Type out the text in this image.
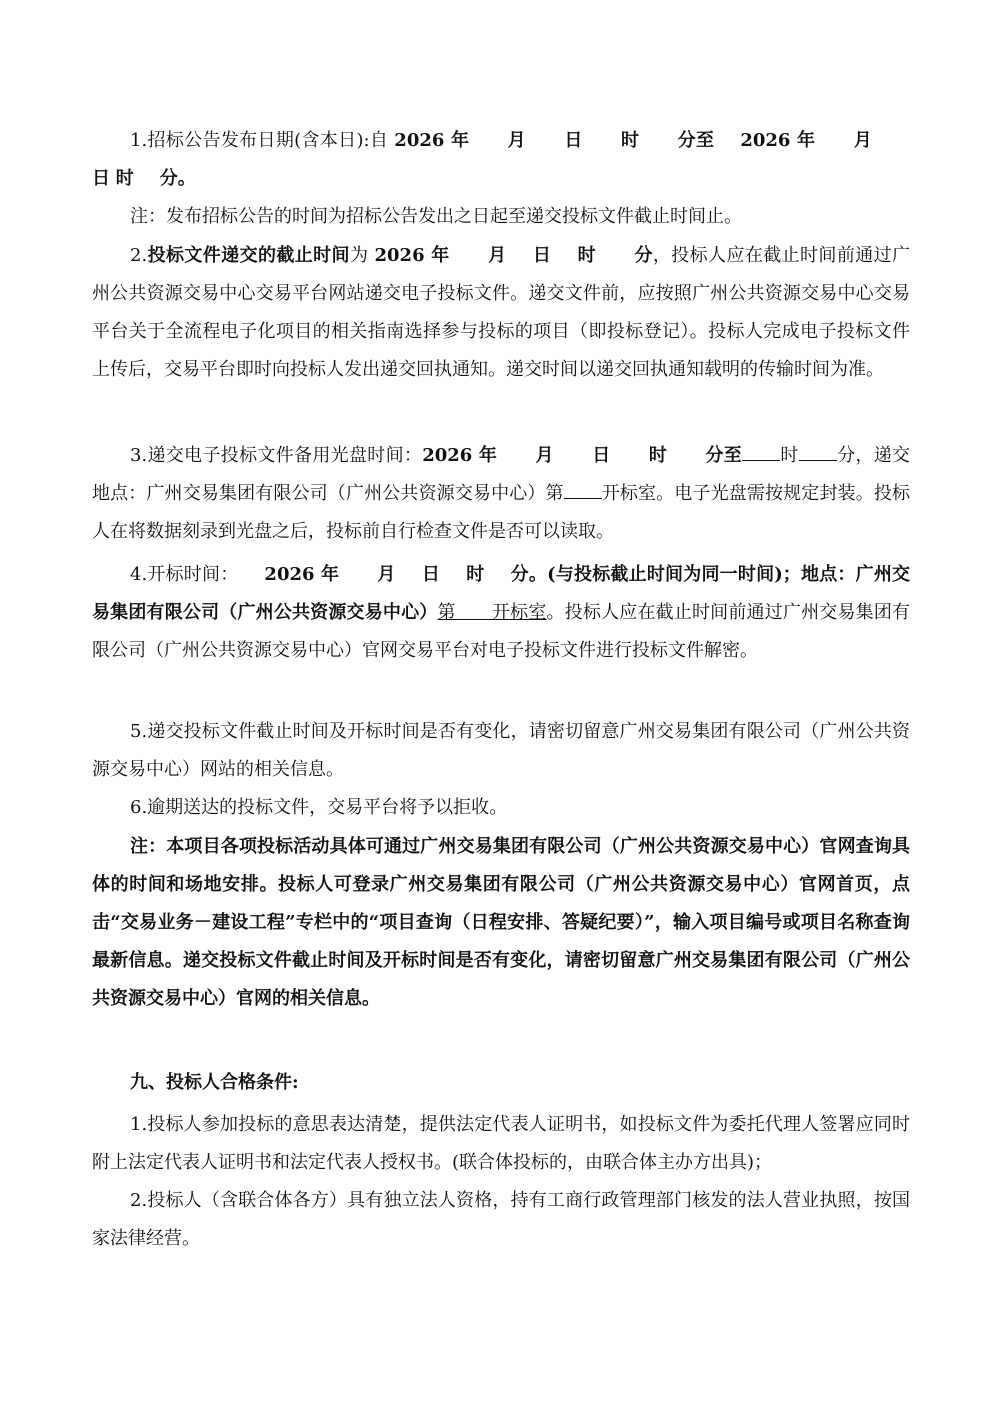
1.招标公告发布日期(含本日):自 2026 年 月 日 时 分至 2026 年 月日 时 分。

注：发布招标公告的时间为招标公告发出之日起至递交投标文件截止时间止。

2.投标文件递交的截止时间为 2026 年 月 日 时 分，投标人应在截止时间前通过广州公共资源交易中心交易平台网站递交电子投标文件。递交文件前，应按照广州公共资源交易中心交易平台关于全流程电子化项目的相关指南选择参与投标的项目（即投标登记）。投标人完成电子投标文件上传后，交易平台即时向投标人发出递交回执通知。递交时间以递交回执通知载明的传输时间为准。

3.递交电子投标文件备用光盘时间：2026 年 月 日 时 分至 时 分，递交地点：广州交易集团有限公司（广州公共资源交易中心）第 开标室。电子光盘需按规定封装。投标人在将数据刻录到光盘之后，投标前自行检查文件是否可以读取。

4.开标时间： 2026 年 月 日 时 分。(与投标截止时间为同一时间)；地点：广州交易集团有限公司（广州公共资源交易中心）第　　开标室。投标人应在截止时间前通过广州交易集团有限公司（广州公共资源交易中心）官网交易平台对电子投标文件进行投标文件解密。

5.递交投标文件截止时间及开标时间是否有变化，请密切留意广州交易集团有限公司（广州公共资源交易中心）网站的相关信息。

6.逾期送达的投标文件，交易平台将予以拒收。

注：本项目各项投标活动具体可通过广州交易集团有限公司（广州公共资源交易中心）官网查询具体的时间和场地安排。投标人可登录广州交易集团有限公司（广州公共资源交易中心）官网首页，点击“交易业务－建设工程”专栏中的“项目查询（日程安排、答疑纪要）”，输入项目编号或项目名称查询最新信息。递交投标文件截止时间及开标时间是否有变化，请密切留意广州交易集团有限公司（广州公共资源交易中心）官网的相关信息。

九、投标人合格条件:

1.投标人参加投标的意思表达清楚，提供法定代表人证明书，如投标文件为委托代理人签署应同时附上法定代表人证明书和法定代表人授权书。(联合体投标的，由联合体主办方出具)；

2.投标人（含联合体各方）具有独立法人资格，持有工商行政管理部门核发的法人营业执照，按国家法律经营。
